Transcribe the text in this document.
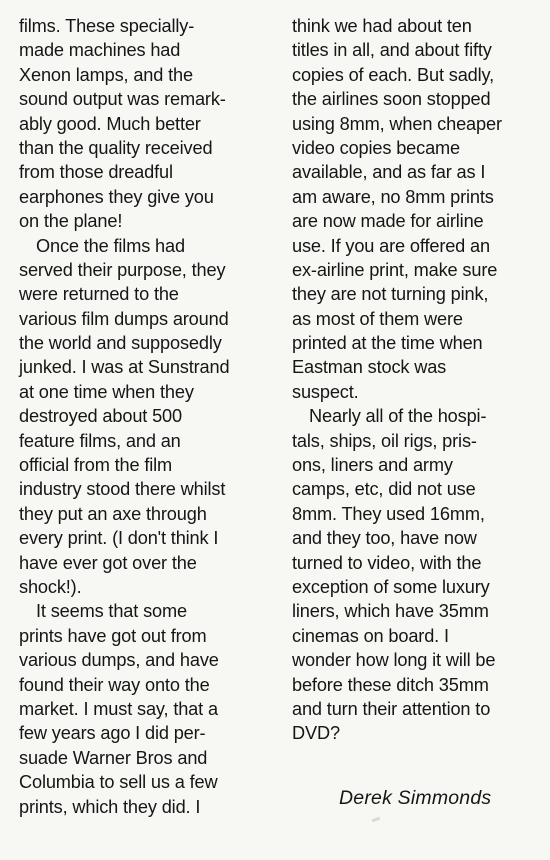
films. These specially-
made machines had
Xenon lamps, and the
sound output was remark-
ably good. Much better
than the quality received
from those dreadful
earphones they give you
on the plane!
Once the films had
served their purpose, they
were returned to the
various film dumps around
the world and supposedly
junked. I was at Sunstrand
at one time when they
destroyed about 500
feature films, and an
official from the film
industry stood there whilst
they put an axe through
every print. (I don't think I
have ever got over the
shock!).
It seems that some
prints have got out from
various dumps, and have
found their way onto the
market. I must say, that a
few years ago I did per-
suade Warner Bros and
Columbia to sell us a few
prints, which they did. I
think we had about ten
titles in all, and about fifty
copies of each. But sadly,
the airlines soon stopped
using 8mm, when cheaper
video copies became
available, and as far as I
am aware, no 8mm prints
are now made for airline
use. If you are offered an
ex-airline print, make sure
they are not turning pink,
as most of them were
printed at the time when
Eastman stock was
suspect.
Nearly all of the hospi-
tals, ships, oil rigs, pris-
ons, liners and army
camps, etc, did not use
8mm. They used 16mm,
and they too, have now
turned to video, with the
exception of some luxury
liners, which have 35mm
cinemas on board. I
wonder how long it will be
before these ditch 35mm
and turn their attention to
DVD?
Derek Simmonds
